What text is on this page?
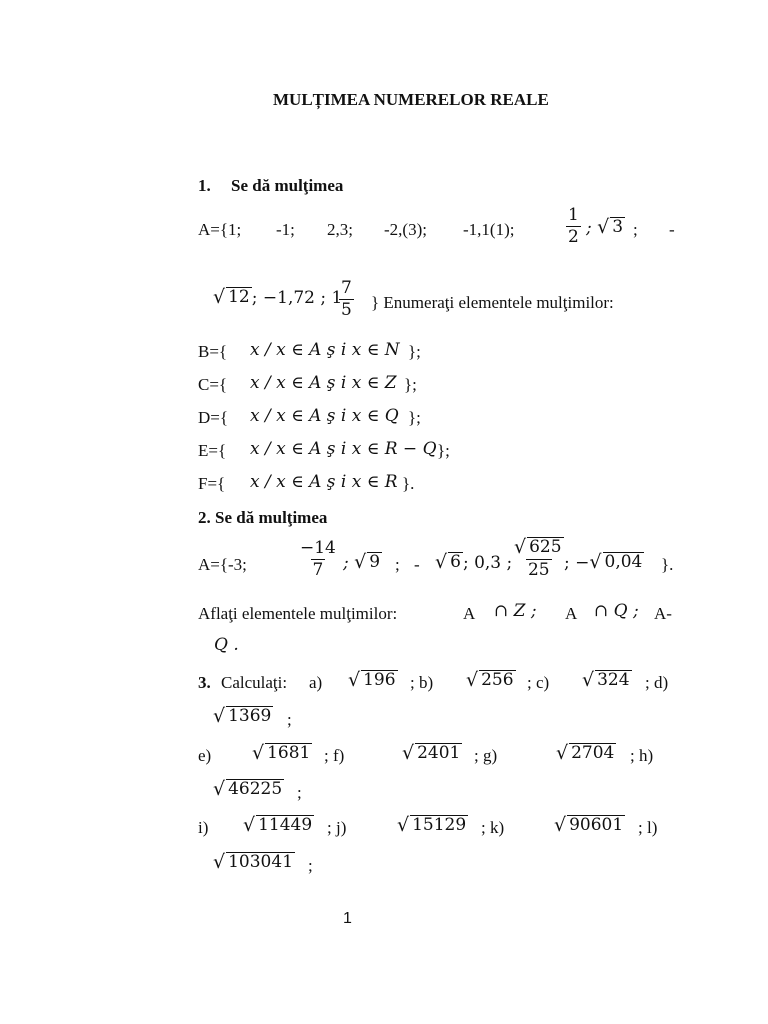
MULȚIMEA NUMERELOR REALE
1. Se dă mulţimea
A={1; -1; 2,3; -2,(3); -1,1(1);	$\frac{1}{2}$ ; √ 3 ; -
√ 12 ; −1,72 ; 1
$\frac{7}{5}$ } Enumeraţi elementele mulţimilor:
B={ x / x ∈ A ş i x ∈ N };
C={ x / x ∈ A ş i x ∈ Z };
D={ x / x ∈ A ş i x ∈ Q };
E={ x / x ∈ A ş i x ∈ R − Q };
F={ x / x ∈ A ş i x ∈ R }.
2. Se dă mulţimea
A={-3;	$\frac{-14}{7}$ ; √ 9 ; - √ 6 ; 0,3 ; $\frac{√ 625}{25}$
; − √ 0,04 }.
Aflaţi elementele mulţimilor:	A ∩ Z ; A ∩ Q ; A-
Q .
3. Calculaţi: a) √ 196 ; b) √ 256 ; c) √ 324 ; d)
√ 1369 ;
e) √ 1681 ; f)	√ 2401 ; g)	√ 2704 ; h)
√ 46225 ;
i) √ 11449 ; j)	√ 15129 ; k)	√ 90601 ; l)
√ 103041 ;
1
